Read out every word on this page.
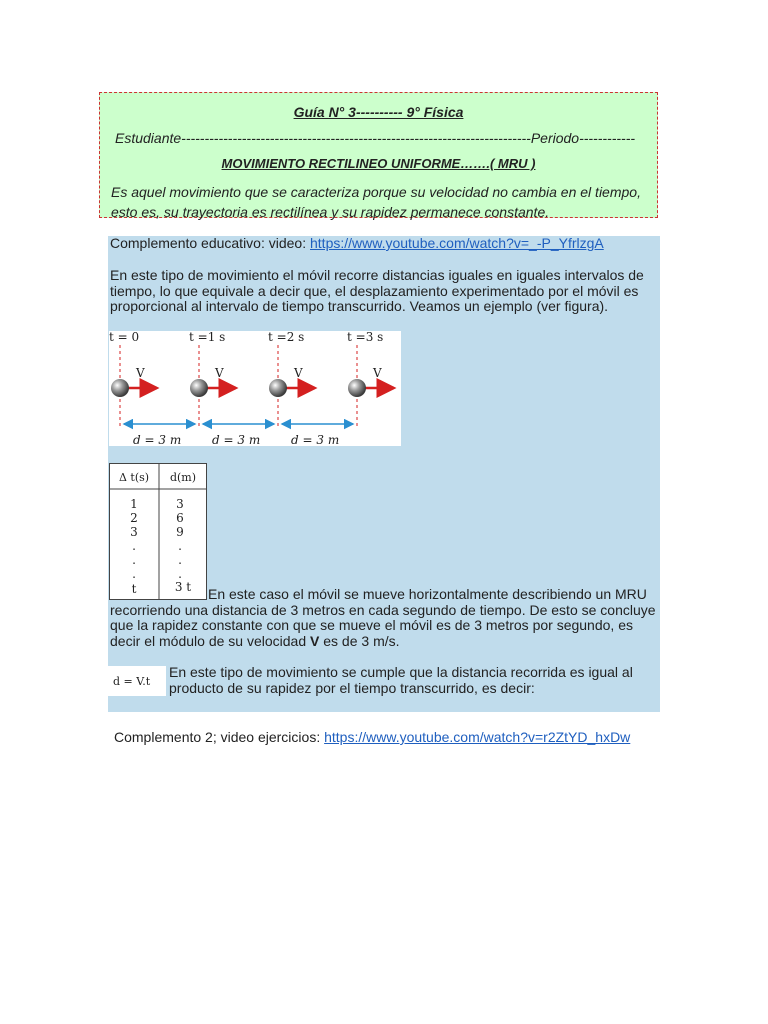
Guía N° 3---------- 9° Física
Estudiante---------------------------------------------------------------------------Periodo------------
MOVIMIENTO RECTILINEO UNIFORME…….( MRU )
Es aquel movimiento que se caracteriza porque su velocidad no cambia en el tiempo, esto es, su trayectoria es rectilínea y su rapidez permanece constante.
Complemento educativo: video: https://www.youtube.com/watch?v=_-P_YfrlzgA
En este tipo de movimiento el móvil recorre distancias iguales en iguales intervalos de tiempo, lo que equivale a decir que, el desplazamiento experimentado por el móvil es proporcional al intervalo de tiempo transcurrido. Veamos un ejemplo (ver figura).
t = 0	t =1 s	t =2 s	t =3 s
V	V	V	V
d = 3 m	d = 3 m	d = 3 m
Δ t(s) d(m)
1	3
2	6
3	9
.	.
.	.
.	.
t	3 t	En este caso el móvil se mueve horizontalmente describiendo un MRU recorriendo una distancia de 3 metros en cada segundo de tiempo. De esto se concluye que la rapidez constante con que se mueve el móvil es de 3 metros por segundo, es decir el módulo de su velocidad V es de 3 m/s.
d = V.t
En este tipo de movimiento se cumple que la distancia recorrida es igual al producto de su rapidez por el tiempo transcurrido, es decir:
Complemento 2; video ejercicios: https://www.youtube.com/watch?v=r2ZtYD_hxDw
